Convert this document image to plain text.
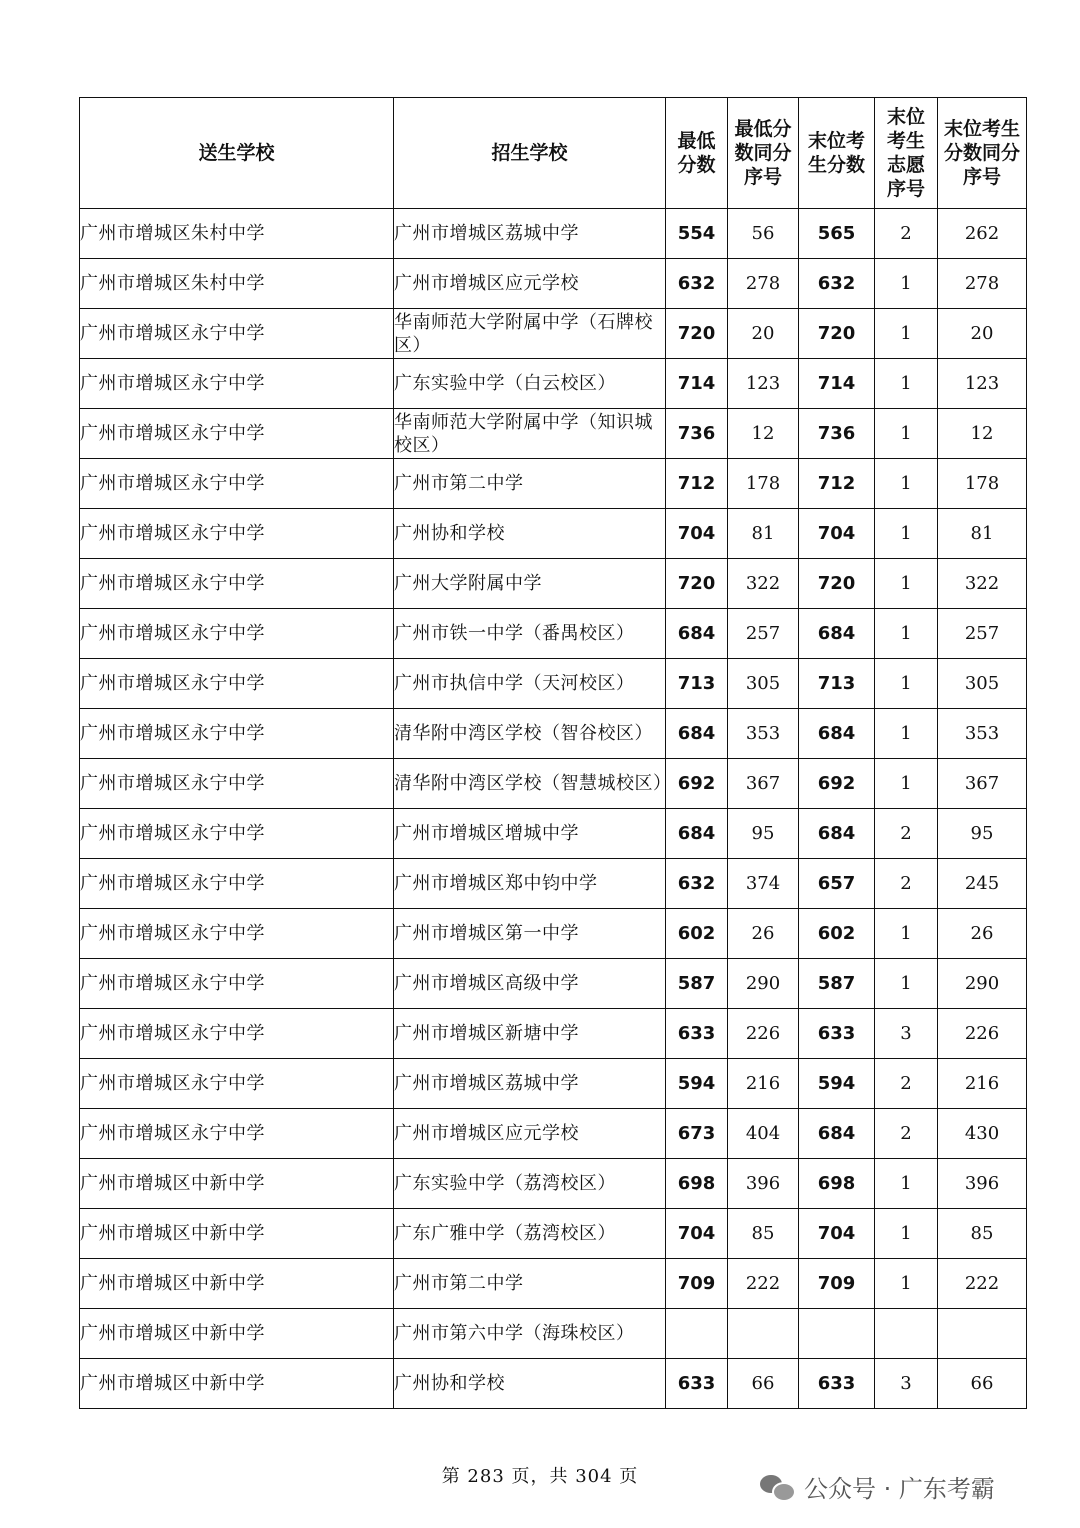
送生学校	招生学校	最低分数	最低分数同分序号	末位考生分数	末位考生志愿序号	末位考生分数同分序号

广州市增城区朱村中学	广州市增城区荔城中学	554	56	565	2	262
广州市增城区朱村中学	广州市增城区应元学校	632	278	632	1	278
广州市增城区永宁中学	华南师范大学附属中学（石牌校区）	720	20	720	1	20
广州市增城区永宁中学	广东实验中学（白云校区）	714	123	714	1	123
广州市增城区永宁中学	华南师范大学附属中学（知识城校区）	736	12	736	1	12
广州市增城区永宁中学	广州市第二中学	712	178	712	1	178
广州市增城区永宁中学	广州协和学校	704	81	704	1	81
广州市增城区永宁中学	广州大学附属中学	720	322	720	1	322
广州市增城区永宁中学	广州市铁一中学（番禺校区）	684	257	684	1	257
广州市增城区永宁中学	广州市执信中学（天河校区）	713	305	713	1	305
广州市增城区永宁中学	清华附中湾区学校（智谷校区）	684	353	684	1	353
广州市增城区永宁中学	清华附中湾区学校（智慧城校区）	692	367	692	1	367
广州市增城区永宁中学	广州市增城区增城中学	684	95	684	2	95
广州市增城区永宁中学	广州市增城区郑中钧中学	632	374	657	2	245
广州市增城区永宁中学	广州市增城区第一中学	602	26	602	1	26
广州市增城区永宁中学	广州市增城区高级中学	587	290	587	1	290
广州市增城区永宁中学	广州市增城区新塘中学	633	226	633	3	226
广州市增城区永宁中学	广州市增城区荔城中学	594	216	594	2	216
广州市增城区永宁中学	广州市增城区应元学校	673	404	684	2	430
广州市增城区中新中学	广东实验中学（荔湾校区）	698	396	698	1	396
广州市增城区中新中学	广东广雅中学（荔湾校区）	704	85	704	1	85
广州市增城区中新中学	广州市第二中学	709	222	709	1	222
广州市增城区中新中学	广州市第六中学（海珠校区）					
广州市增城区中新中学	广州协和学校	633	66	633	3	66
第 283 页，共 304 页	公众号 · 广东考霸
